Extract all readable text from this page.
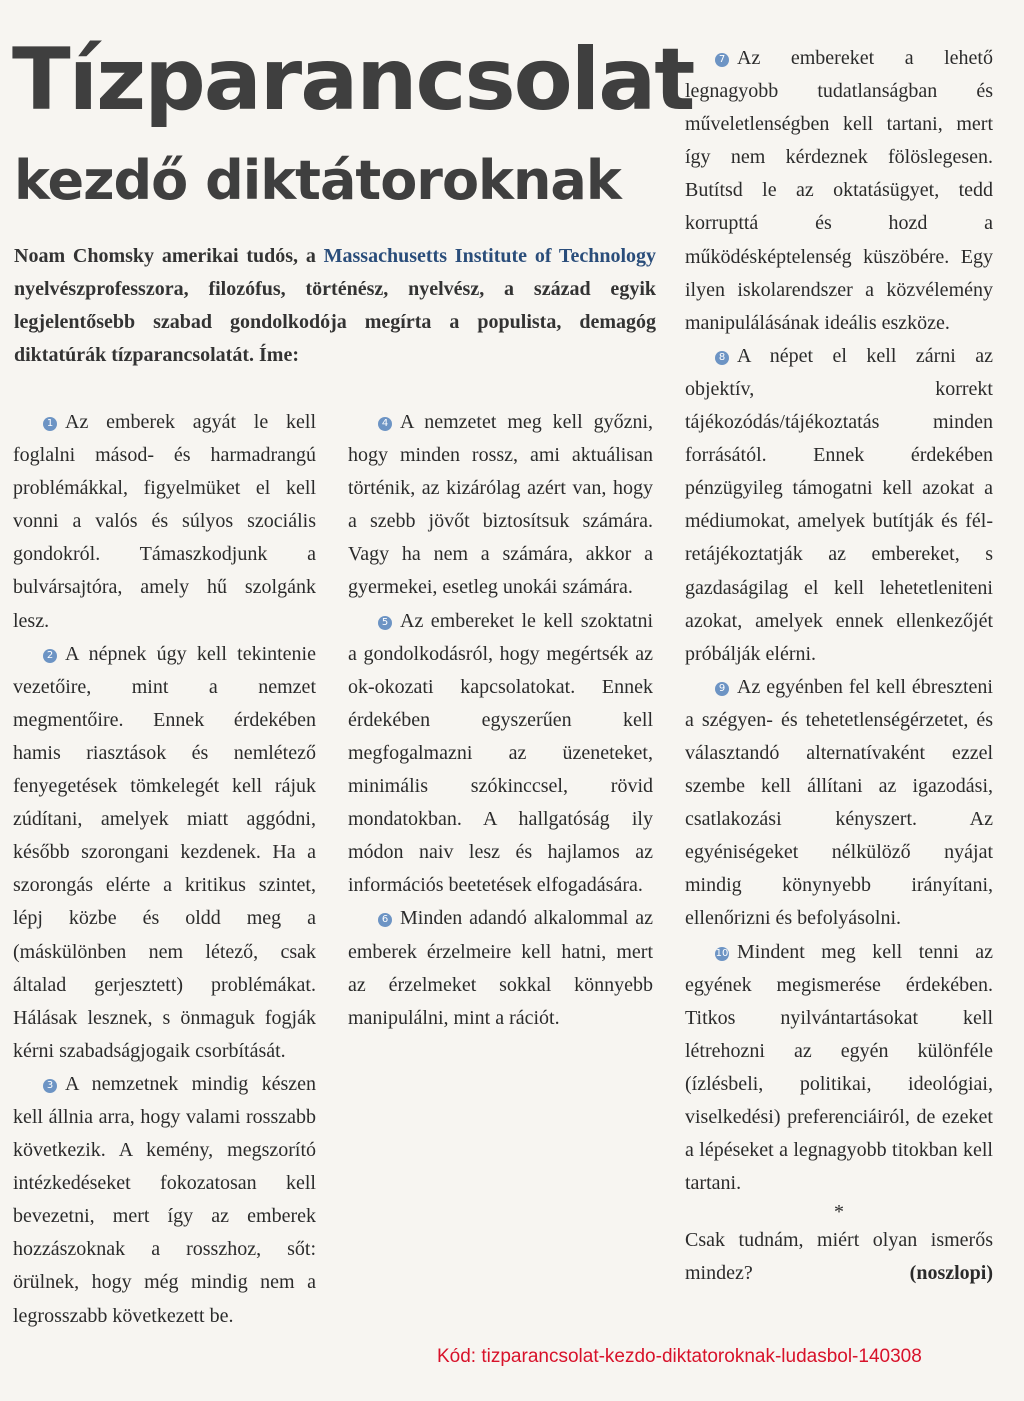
Tízparancsolat
kezdő diktátoroknak
Noam Chomsky amerikai tudós, a Massachusetts Institute of Technology nyelvészprofesszora, filozófus, történész, nyelvész, a század egyik legjelentősebb szabad gondolkodója megírta a populista, demagóg diktatúrák tízparancsolatát. Íme:

1 Az emberek agyát le kell foglalni másod- és harmadrangú problémákkal, figyelmüket el kell vonni a valós és súlyos szociális gondokról. Támaszkodjunk a bulvársajtóra, amely hű szolgánk lesz.

2 A népnek úgy kell tekintenie vezetőire, mint a nemzet megmentőire. Ennek érdekében hamis riasztások és nemlétező fenyegetések tömkelegét kell rájuk zúdítani, amelyek miatt aggódni, később szorongani kezdenek. Ha a szorongás elérte a kritikus szintet, lépj közbe és oldd meg a (máskülönben nem létező, csak általad gerjesztett) problémákat. Hálásak lesznek, s önmaguk fogják kérni szabadságjogaik csorbítását.

3 A nemzetnek mindig készen kell állnia arra, hogy valami rosszabb következik. A kemény, megszorító intézkedéseket fokozatosan kell bevezetni, mert így az emberek hozzászoknak a rosszhoz, sőt: örülnek, hogy még mindig nem a legrosszabb következett be.

4 A nemzetet meg kell győzni, hogy minden rossz, ami aktuálisan történik, az kizárólag azért van, hogy a szebb jövőt biztosítsuk számára. Vagy ha nem a számára, akkor a gyermekei, esetleg unokái számára.

5 Az embereket le kell szoktatni a gondolkodásról, hogy megértsék az ok-okozati kapcsolatokat. Ennek érdekében egyszerűen kell megfogalmazni az üzeneteket, minimális szókinccsel, rövid mondatokban. A hallgatóság ily módon naiv lesz és hajlamos az információs beetetések elfogadására.

6 Minden adandó alkalommal az emberek érzelmeire kell hatni, mert az érzelmeket sokkal könnyebb manipulálni, mint a rációt.

7 Az embereket a lehető legnagyobb tudatlanságban és műveletlenségben kell tartani, mert így nem kérdeznek fölöslegesen. Butítsd le az oktatásügyet, tedd korrupttá és hozd a működésképtelenség küszöbére. Egy ilyen iskolarendszer a közvélemény manipulálásának ideális eszköze.

8 A népet el kell zárni az objektív, korrekt tájékozódás/tájékoztatás minden forrásától. Ennek érdekében pénzügyileg támogatni kell azokat a médiumokat, amelyek butítják és félretájékoztatják az embereket, s gazdaságilag el kell lehetetleniteni azokat, amelyek ennek ellenkezőjét próbálják elérni.

9 Az egyénben fel kell ébreszteni a szégyen- és tehetetlenségérzetet, és választandó alternatívaként ezzel szembe kell állítani az igazodási, csatlakozási kényszert. Az egyéniségeket nélkülöző nyájat mindig könynyebb irányítani, ellenőrizni és befolyásolni.

10 Mindent meg kell tenni az egyének megismerése érdekében. Titkos nyilvántartásokat kell létrehozni az egyén különféle (ízlésbeli, politikai, ideológiai, viselkedési) preferenciáiról, de ezeket a lépéseket a legnagyobb titokban kell tartani.

*

Csak tudnám, miért olyan ismerős mindez?	(noszlopi)

Kód: tizparancsolat-kezdo-diktatoroknak-ludasbol-140308
